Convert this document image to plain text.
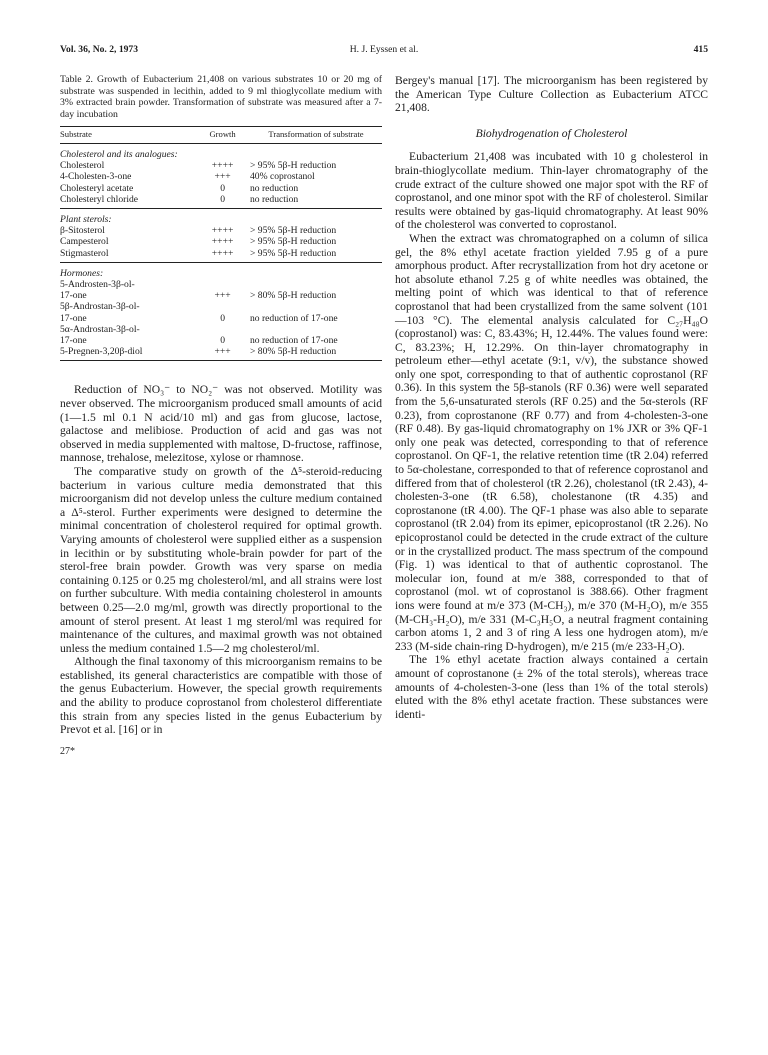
Vol. 36, No. 2, 1973	H. J. Eyssen et al.	415
Table 2. Growth of Eubacterium 21,408 on various substrates 10 or 20 mg of substrate was suspended in lecithin, added to 9 ml thioglycollate medium with 3% extracted brain powder. Transformation of substrate was measured after a 7-day incubation
Substrate	Growth	Transformation of substrate
Cholesterol and its analogues:		
Cholesterol	++++	> 95% 5β-H reduction
4-Cholesten-3-one	+++	40% coprostanol
Cholesteryl acetate	0	no reduction
Cholesteryl chloride	0	no reduction
Plant sterols:		
β-Sitosterol	++++	> 95% 5β-H reduction
Campesterol	++++	> 95% 5β-H reduction
Stigmasterol	++++	> 95% 5β-H reduction
Hormones:		
5-Androsten-3β-ol-		
17-one	+++	> 80% 5β-H reduction
5β-Androstan-3β-ol-		
17-one	0	no reduction of 17-one
5α-Androstan-3β-ol-		
17-one	0	no reduction of 17-one
5-Pregnen-3,20β-diol	+++	> 80% 5β-H reduction

Reduction of NO₃⁻ to NO₂⁻ was not observed. Motility was never observed. The microorganism produced small amounts of acid (1—1.5 ml 0.1 N acid/10 ml) and gas from glucose, lactose, galactose and melibiose. Production of acid and gas was not observed in media supplemented with maltose, D-fructose, raffinose, mannose, trehalose, melezitose, xylose or rhamnose.

The comparative study on growth of the Δ⁵-steroid-reducing bacterium in various culture media demonstrated that this microorganism did not develop unless the culture medium contained a Δ⁵-sterol. Further experiments were designed to determine the minimal concentration of cholesterol required for optimal growth. Varying amounts of cholesterol were supplied either as a suspension in lecithin or by substituting whole-brain powder for part of the sterol-free brain powder. Growth was very sparse on media containing 0.125 or 0.25 mg cholesterol/ml, and all strains were lost on further subculture. With media containing cholesterol in amounts between 0.25—2.0 mg/ml, growth was directly proportional to the amount of sterol present. At least 1 mg sterol/ml was required for maintenance of the cultures, and maximal growth was not obtained unless the medium contained 1.5—2 mg cholesterol/ml.

Although the final taxonomy of this microorganism remains to be established, its general characteristics are compatible with those of the genus Eubacterium. However, the special growth requirements and the ability to produce coprostanol from cholesterol differentiate this strain from any species listed in the genus Eubacterium by Prevot et al. [16] or in

27*

Bergey's manual [17]. The microorganism has been registered by the American Type Culture Collection as Eubacterium ATCC 21,408.

Biohydrogenation of Cholesterol

Eubacterium 21,408 was incubated with 10 g cholesterol in brain-thioglycollate medium. Thin-layer chromatography of the crude extract of the culture showed one major spot with the RF of coprostanol, and one minor spot with the RF of cholesterol. Similar results were obtained by gas-liquid chromatography. At least 90% of the cholesterol was converted to coprostanol.

When the extract was chromatographed on a column of silica gel, the 8% ethyl acetate fraction yielded 7.95 g of a pure amorphous product. After recrystallization from hot dry acetone or hot absolute ethanol 7.25 g of white needles was obtained, the melting point of which was identical to that of reference coprostanol that had been crystallized from the same solvent (101—103 °C). The elemental analysis calculated for C₂₇H₄₈O (coprostanol) was: C, 83.43%; H, 12.44%. The values found were: C, 83.23%; H, 12.29%. On thin-layer chromatography in petroleum ether—ethyl acetate (9:1, v/v), the substance showed only one spot, corresponding to that of authentic coprostanol (RF 0.36). In this system the 5β-stanols (RF 0.36) were well separated from the 5,6-unsaturated sterols (RF 0.25) and the 5α-sterols (RF 0.23), from coprostanone (RF 0.77) and from 4-cholesten-3-one (RF 0.48). By gas-liquid chromatography on 1% JXR or 3% QF-1 only one peak was detected, corresponding to that of reference coprostanol. On QF-1, the relative retention time (tR 2.04) referred to 5α-cholestane, corresponded to that of reference coprostanol and differed from that of cholesterol (tR 2.26), cholestanol (tR 2.43), 4-cholesten-3-one (tR 6.58), cholestanone (tR 4.35) and coprostanone (tR 4.00). The QF-1 phase was also able to separate coprostanol (tR 2.04) from its epimer, epicoprostanol (tR 2.26). No epicoprostanol could be detected in the crude extract of the culture or in the crystallized product. The mass spectrum of the compound (Fig. 1) was identical to that of authentic coprostanol. The molecular ion, found at m/e 388, corresponded to that of coprostanol (mol. wt of coprostanol is 388.66). Other fragment ions were found at m/e 373 (M-CH₃), m/e 370 (M-H₂O), m/e 355 (M-CH₃-H₂O), m/e 331 (M-C₃H₅O, a neutral fragment containing carbon atoms 1, 2 and 3 of ring A less one hydrogen atom), m/e 233 (M-side chain-ring D-hydrogen), m/e 215 (m/e 233-H₂O).

The 1% ethyl acetate fraction always contained a certain amount of coprostanone (± 2% of the total sterols), whereas trace amounts of 4-cholesten-3-one (less than 1% of the total sterols) eluted with the 8% ethyl acetate fraction. These substances were identi-
